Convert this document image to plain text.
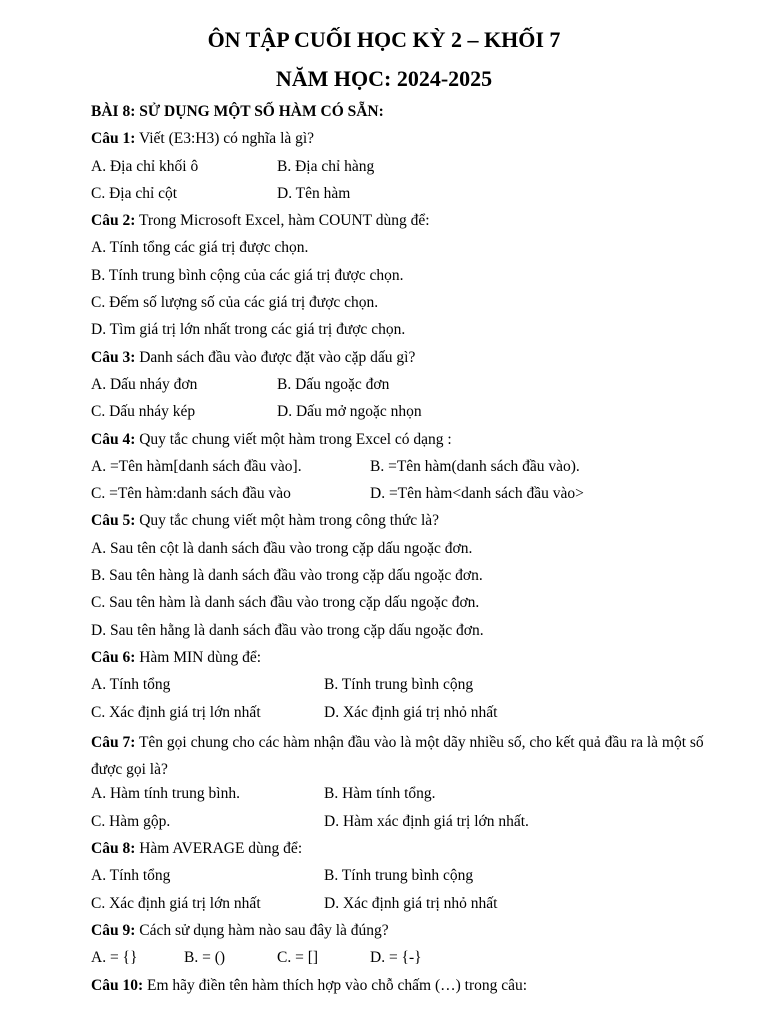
ÔN TẬP CUỐI HỌC KỲ 2 – KHỐI 7
NĂM HỌC: 2024-2025
BÀI 8: SỬ DỤNG MỘT SỐ HÀM CÓ SẴN:
Câu 1: Viết (E3:H3) có nghĩa là gì?
A. Địa chỉ khối ô	B. Địa chỉ hàng
C. Địa chỉ cột	D. Tên hàm
Câu 2: Trong Microsoft Excel, hàm COUNT dùng để:
A. Tính tổng các giá trị được chọn.
B. Tính trung bình cộng của các giá trị được chọn.
C. Đếm số lượng số của các giá trị được chọn.
D. Tìm giá trị lớn nhất trong các giá trị được chọn.
Câu 3: Danh sách đầu vào được đặt vào cặp dấu gì?
A. Dấu nháy đơn	B. Dấu ngoặc đơn
C. Dấu nháy kép	D. Dấu mở ngoặc nhọn
Câu 4: Quy tắc chung viết một hàm trong Excel có dạng :
A. =Tên hàm[danh sách đầu vào].	B. =Tên hàm(danh sách đầu vào).
C. =Tên hàm:danh sách đầu vào	D. =Tên hàm<danh sách đầu vào>
Câu 5: Quy tắc chung viết một hàm trong công thức là?
A. Sau tên cột là danh sách đầu vào trong cặp dấu ngoặc đơn.
B. Sau tên hàng là danh sách đầu vào trong cặp dấu ngoặc đơn.
C. Sau tên hàm là danh sách đầu vào trong cặp dấu ngoặc đơn.
D. Sau tên hằng là danh sách đầu vào trong cặp dấu ngoặc đơn.
Câu 6: Hàm MIN dùng để:
A. Tính tổng	B. Tính trung bình cộng
C. Xác định giá trị lớn nhất	D. Xác định giá trị nhỏ nhất
Câu 7: Tên gọi chung cho các hàm nhận đầu vào là một dãy nhiều số, cho kết quả đầu ra là một số được gọi là?
A. Hàm tính trung bình.	B. Hàm tính tổng.
C. Hàm gộp.	D. Hàm xác định giá trị lớn nhất.
Câu 8: Hàm AVERAGE dùng để:
A. Tính tổng	B. Tính trung bình cộng
C. Xác định giá trị lớn nhất	D. Xác định giá trị nhỏ nhất
Câu 9: Cách sử dụng hàm nào sau đây là đúng?
A. = {}	B. = ()	C. = []	D. = {-}
Câu 10: Em hãy điền tên hàm thích hợp vào chỗ chấm (…) trong câu:
